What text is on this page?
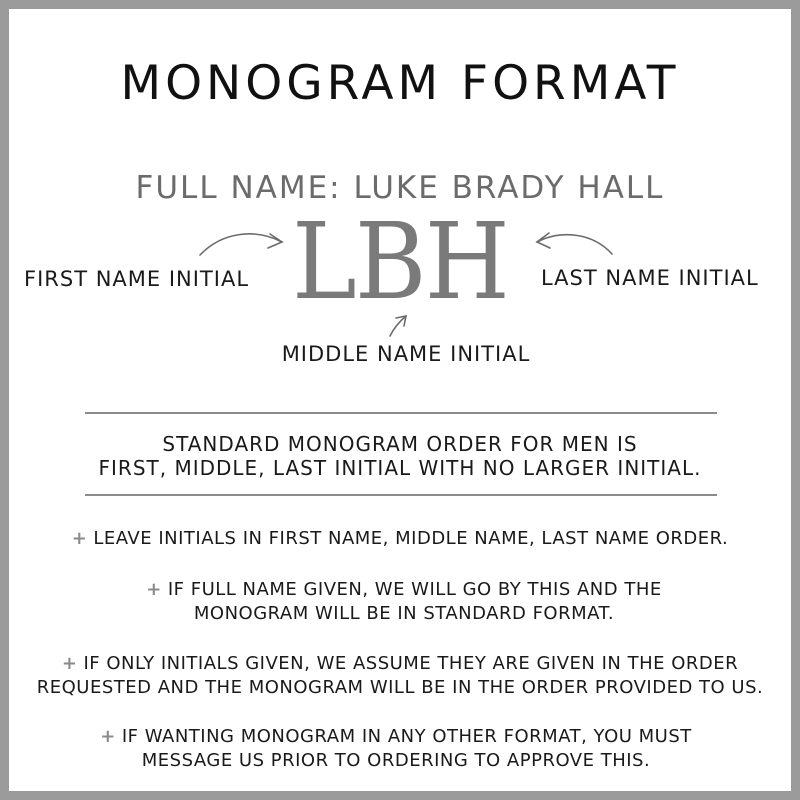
MONOGRAM FORMAT
FULL NAME: LUKE BRADY HALL
LBH
FIRST NAME INITIAL	LAST NAME INITIAL
MIDDLE NAME INITIAL
STANDARD MONOGRAM ORDER FOR MEN IS
FIRST, MIDDLE, LAST INITIAL WITH NO LARGER INITIAL.
+ LEAVE INITIALS IN FIRST NAME, MIDDLE NAME, LAST NAME ORDER.
+ IF FULL NAME GIVEN, WE WILL GO BY THIS AND THE
MONOGRAM WILL BE IN STANDARD FORMAT.
+ IF ONLY INITIALS GIVEN, WE ASSUME THEY ARE GIVEN IN THE ORDER
REQUESTED AND THE MONOGRAM WILL BE IN THE ORDER PROVIDED TO US.
+ IF WANTING MONOGRAM IN ANY OTHER FORMAT, YOU MUST
MESSAGE US PRIOR TO ORDERING TO APPROVE THIS.
